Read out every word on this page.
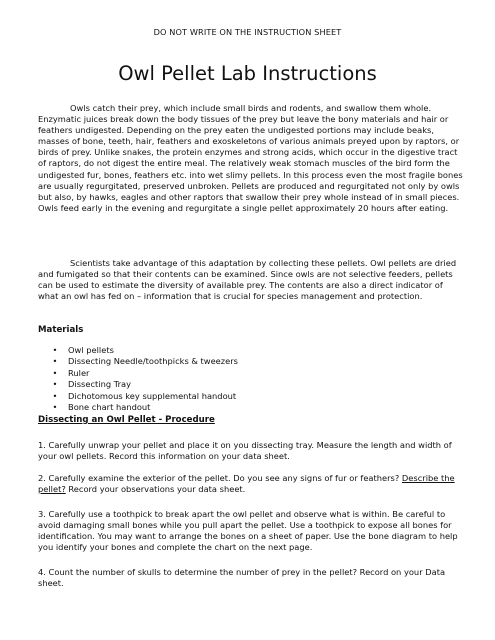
DO NOT WRITE ON THE INSTRUCTION SHEET
Owl Pellet Lab Instructions

Owls catch their prey, which include small birds and rodents, and swallow them whole. Enzymatic juices break down the body tissues of the prey but leave the bony materials and hair or feathers undigested. Depending on the prey eaten the undigested portions may include beaks, masses of bone, teeth, hair, feathers and exoskeletons of various animals preyed upon by raptors, or birds of prey. Unlike snakes, the protein enzymes and strong acids, which occur in the digestive tract of raptors, do not digest the entire meal. The relatively weak stomach muscles of the bird form the undigested fur, bones, feathers etc. into wet slimy pellets. In this process even the most fragile bones are usually regurgitated, preserved unbroken. Pellets are produced and regurgitated not only by owls but also, by hawks, eagles and other raptors that swallow their prey whole instead of in small pieces. Owls feed early in the evening and regurgitate a single pellet approximately 20 hours after eating.

Scientists take advantage of this adaptation by collecting these pellets. Owl pellets are dried and fumigated so that their contents can be examined. Since owls are not selective feeders, pellets can be used to estimate the diversity of available prey. The contents are also a direct indicator of what an owl has fed on – information that is crucial for species management and protection.

Materials
•	Owl pellets
•	Dissecting Needle/toothpicks & tweezers
•	Ruler
•	Dissecting Tray
•	Dichotomous key supplemental handout
•	Bone chart handout
Dissecting an Owl Pellet - Procedure

1. Carefully unwrap your pellet and place it on you dissecting tray. Measure the length and width of your owl pellets. Record this information on your data sheet.

2. Carefully examine the exterior of the pellet. Do you see any signs of fur or feathers? Describe the pellet? Record your observations your data sheet.

3. Carefully use a toothpick to break apart the owl pellet and observe what is within. Be careful to avoid damaging small bones while you pull apart the pellet. Use a toothpick to expose all bones for identification. You may want to arrange the bones on a sheet of paper. Use the bone diagram to help you identify your bones and complete the chart on the next page.

4. Count the number of skulls to determine the number of prey in the pellet? Record on your Data sheet.
